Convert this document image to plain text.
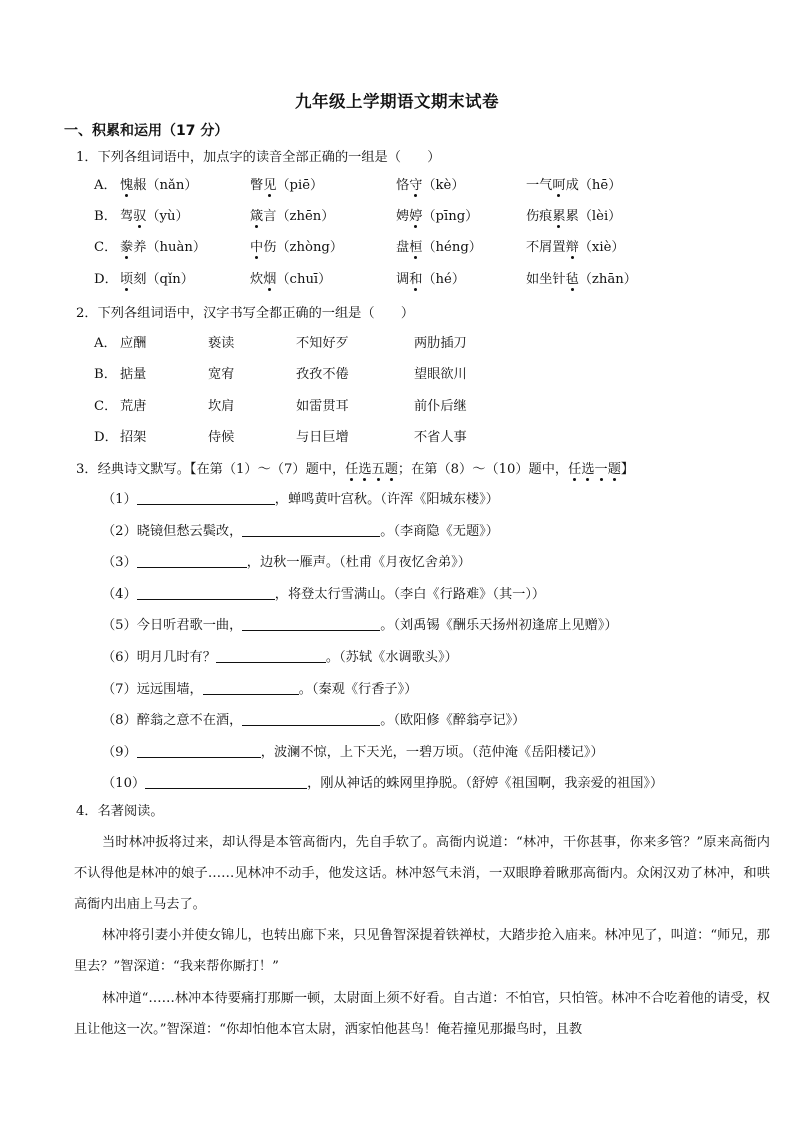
九年级上学期语文期末试卷
一、积累和运用（17 分）
1．下列各组词语中，加点字的读音全部正确的一组是（　　）
A． 愧赧（nǎn）	瞥见（piē）	恪守（kè）	一气呵成（hē）
B． 驾驭（yù）	箴言（zhēn）	娉婷（pīng）	伤痕累累（lèi）
C． 豢养（huàn）	中伤（zhòng）	盘桓（héng）	不屑置辩（xiè）
D． 顷刻（qǐn）	炊烟（chuī）	调和（hé）	如坐针毡（zhān）
2．下列各组词语中，汉字书写全都正确的一组是（　　）
A． 应酬	亵读	不知好歹	两肋插刀
B． 掂量	宽宥	孜孜不倦	望眼欲川
C． 荒唐	坎肩	如雷贯耳	前仆后继
D． 招架	侍候	与日巨增	不省人事
3．经典诗文默写。【在第（1）～（7）题中，任选五题；在第（8）～（10）题中，任选一题】
（1）	，蝉鸣黄叶宫秋。（许浑《阳城东楼》）
（2）晓镜但愁云鬓改，	。（李商隐《无题》）
（3）	，边秋一雁声。（杜甫《月夜忆舍弟》）
（4）	，将登太行雪满山。（李白《行路难》（其一））
（5）今日听君歌一曲，	。（刘禹锡《酬乐天扬州初逢席上见赠》）
（6）明月几时有？	。（苏轼《水调歌头》）
（7）远远围墙，	。（秦观《行香子》）
（8）醉翁之意不在酒，	。（欧阳修《醉翁亭记》）
（9）	，波澜不惊，上下天光，一碧万顷。（范仲淹《岳阳楼记》）
（10）	，刚从神话的蛛网里挣脱。（舒婷《祖国啊，我亲爱的祖国》）
4．名著阅读。
当时林冲扳将过来，却认得是本管高衙内，先自手软了。高衙内说道：“林冲，干你甚事，你来多管？”原来高衙内不认得他是林冲的娘子……见林冲不动手，他发这话。林冲怒气未消，一双眼睁着瞅那高衙内。众闲汉劝了林冲，和哄高衙内出庙上马去了。
林冲将引妻小并使女锦儿，也转出廊下来，只见鲁智深提着铁禅杖，大踏步抢入庙来。林冲见了，叫道：“师兄，那里去？”智深道：“我来帮你厮打！”
林冲道“……林冲本待要痛打那厮一顿，太尉面上须不好看。自古道：不怕官，只怕管。林冲不合吃着他的请受，权且让他这一次。”智深道：“你却怕他本官太尉，洒家怕他甚鸟！俺若撞见那撮鸟时，且教
